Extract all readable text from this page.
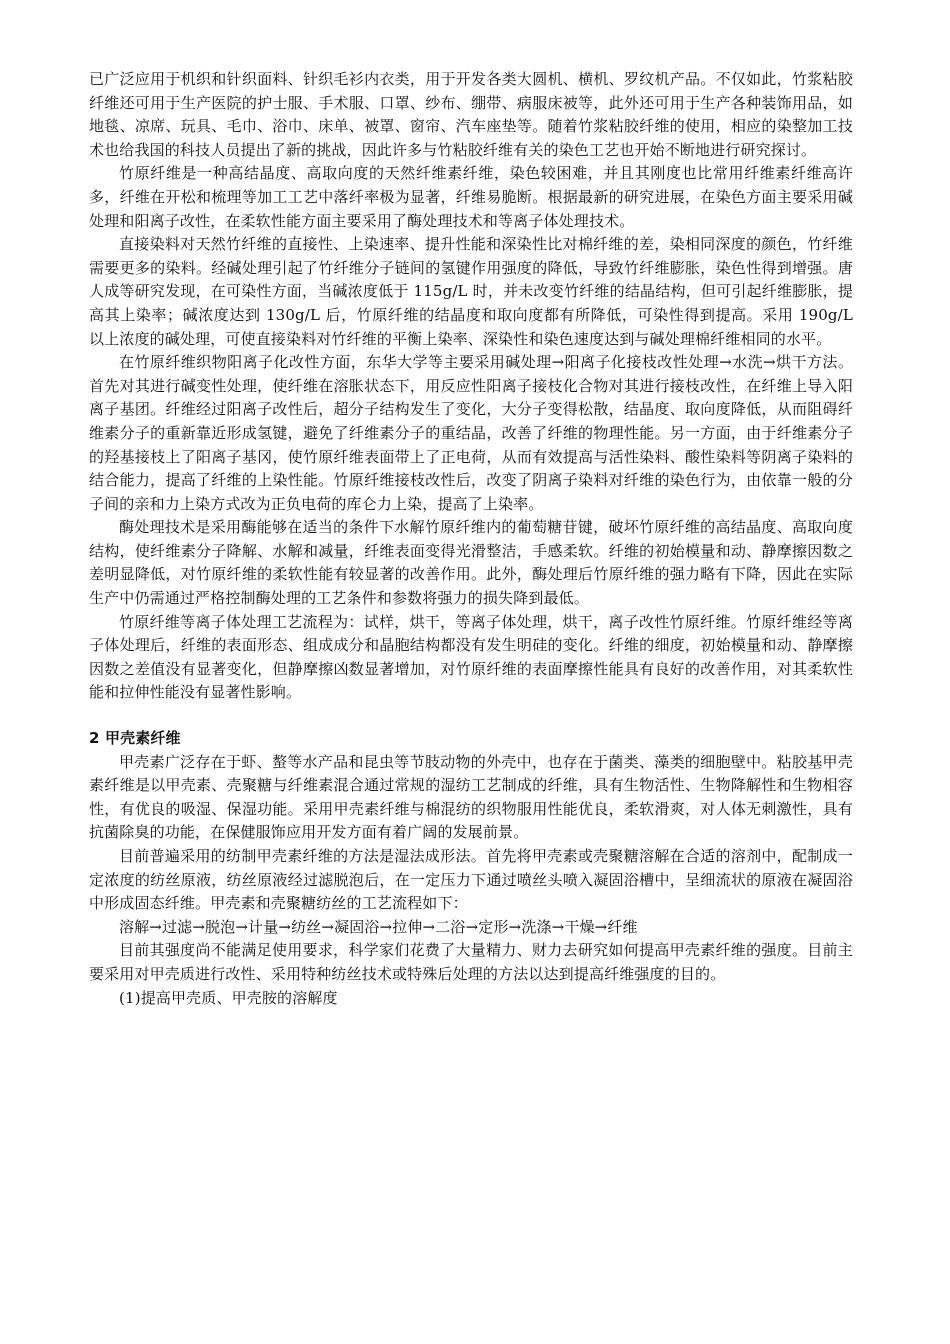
已广泛应用于机织和针织面料、针织毛衫内衣类，用于开发各类大圆机、横机、罗纹机产品。不仅如此，竹浆粘胶纤维还可用于生产医院的护士服、手术服、口罩、纱布、绷带、病服床被等，此外还可用于生产各种装饰用品，如地毯、凉席、玩具、毛巾、浴巾、床单、被罩、窗帘、汽车座垫等。随着竹浆粘胶纤维的使用，相应的染整加工技术也给我国的科技人员提出了新的挑战，因此许多与竹粘胶纤维有关的染色工艺也开始不断地进行研究探讨。

竹原纤维是一种高结晶度、高取向度的天然纤维素纤维，染色较困难，并且其刚度也比常用纤维素纤维高许多，纤维在开松和梳理等加工工艺中落纤率极为显著，纤维易脆断。根据最新的研究进展，在染色方面主要采用碱处理和阳离子改性，在柔软性能方面主要采用了酶处理技术和等离子体处理技术。

直接染料对天然竹纤维的直接性、上染速率、提升性能和深染性比对棉纤维的差，染相同深度的颜色，竹纤维需要更多的染料。经碱处理引起了竹纤维分子链间的氢键作用强度的降低，导致竹纤维膨胀，染色性得到增强。唐人成等研究发现，在可染性方面，当碱浓度低于 115g/L 时，并未改变竹纤维的结晶结构，但可引起纤维膨胀，提高其上染率；碱浓度达到 130g/L 后，竹原纤维的结晶度和取向度都有所降低，可染性得到提高。采用 190g/L 以上浓度的碱处理，可使直接染料对竹纤维的平衡上染率、深染性和染色速度达到与碱处理棉纤维相同的水平。

在竹原纤维织物阳离子化改性方面，东华大学等主要采用碱处理→阳离子化接枝改性处理→水洗→烘干方法。首先对其进行碱变性处理，使纤维在溶胀状态下，用反应性阳离子接枝化合物对其进行接枝改性，在纤维上导入阳离子基团。纤维经过阳离子改性后，超分子结构发生了变化，大分子变得松散，结晶度、取向度降低，从而阻碍纤维素分子的重新靠近形成氢键，避免了纤维素分子的重结晶，改善了纤维的物理性能。另一方面，由于纤维素分子的羟基接枝上了阳离子基冈，使竹原纤维表面带上了正电荷，从而有效提高与活性染料、酸性染料等阴离子染料的结合能力，提高了纤维的上染性能。竹原纤维接枝改性后，改变了阴离子染料对纤维的染色行为，由依靠一般的分子间的亲和力上染方式改为正负电荷的库仑力上染，提高了上染率。

酶处理技术是采用酶能够在适当的条件下水解竹原纤维内的葡萄糖苷键，破坏竹原纤维的高结晶度、高取向度结构，使纤维素分子降解、水解和减量，纤维表面变得光滑整洁，手感柔软。纤维的初始模量和动、静摩擦因数之差明显降低，对竹原纤维的柔软性能有较显著的改善作用。此外，酶处理后竹原纤维的强力略有下降，因此在实际生产中仍需通过严格控制酶处理的工艺条件和参数将强力的损失降到最低。

竹原纤维等离子体处理工艺流程为：试样，烘干，等离子体处理，烘干，离子改性竹原纤维。竹原纤维经等离子体处理后，纤维的表面形态、组成成分和晶胞结构都没有发生明硅的变化。纤维的细度，初始模量和动、静摩擦因数之差值没有显著变化，但静摩擦凶数显著增加，对竹原纤维的表面摩擦性能具有良好的改善作用，对其柔软性能和拉伸性能没有显著性影响。

2 甲壳素纤维

甲壳素广泛存在于虾、螯等水产品和昆虫等节肢动物的外壳中，也存在于菌类、藻类的细胞壁中。粘胶基甲壳素纤维是以甲壳素、壳聚糖与纤维素混合通过常规的湿纺工艺制成的纤维，具有生物活性、生物降解性和生物相容性，有优良的吸湿、保湿功能。采用甲壳素纤维与棉混纺的织物服用性能优良，柔软滑爽，对人体无刺激性，具有抗菌除臭的功能，在保健服饰应用开发方面有着广阔的发展前景。

目前普遍采用的纺制甲壳素纤维的方法是湿法成形法。首先将甲壳素或壳聚糖溶解在合适的溶剂中，配制成一定浓度的纺丝原液，纺丝原液经过滤脱泡后，在一定压力下通过喷丝头喷入凝固浴槽中，呈细流状的原液在凝固浴中形成固态纤维。甲壳素和壳聚糖纺丝的工艺流程如下：

溶解→过滤→脱泡→计量→纺丝→凝固浴→拉伸→二浴→定形→洗涤→干燥→纤维

目前其强度尚不能满足使用要求，科学家们花费了大量精力、财力去研究如何提高甲壳素纤维的强度。目前主要采用对甲壳质进行改性、采用特种纺丝技术或特殊后处理的方法以达到提高纤维强度的目的。

(1)提高甲壳质、甲壳胺的溶解度
